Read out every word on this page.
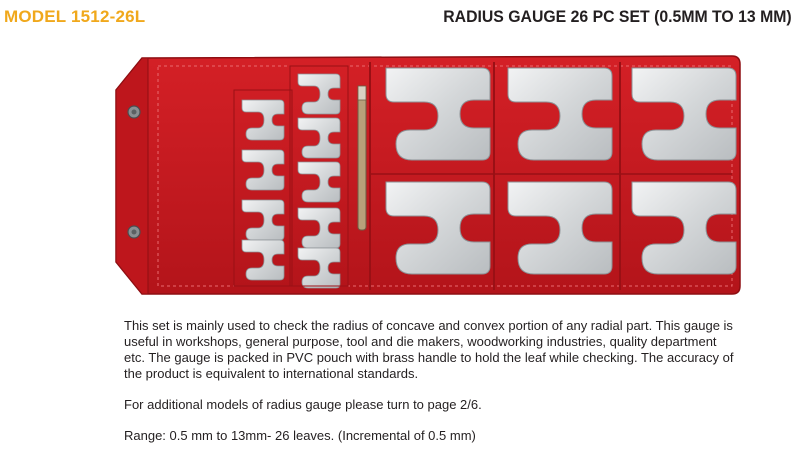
MODEL 1512-26L	RADIUS GAUGE 26 PC SET (0.5MM TO 13 MM)

This set is mainly used to check the radius of concave and convex portion of any radial part. This gauge is useful in workshops, general purpose, tool and die makers, woodworking industries, quality department etc. The gauge is packed in PVC pouch with brass handle to hold the leaf while checking. The accuracy of the product is equivalent to international standards.

For additional models of radius gauge please turn to page 2/6.

Range: 0.5 mm to 13mm- 26 leaves. (Incremental of 0.5 mm)
